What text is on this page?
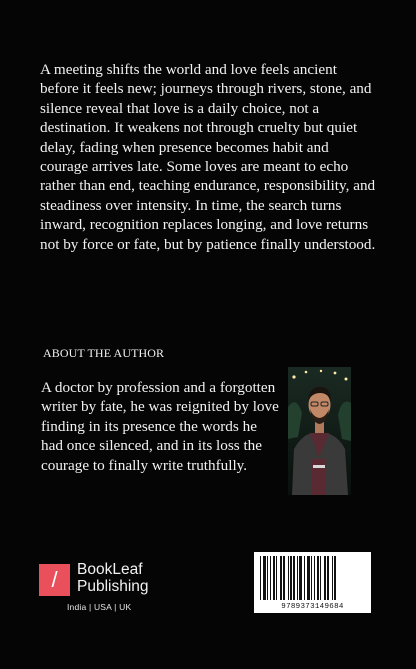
A meeting shifts the world and love feels ancient before it feels new; journeys through rivers, stone, and silence reveal that love is a daily choice, not a destination. It weakens not through cruelty but quiet delay, fading when presence becomes habit and courage arrives late. Some loves are meant to echo rather than end, teaching endurance, responsibility, and steadiness over intensity. In time, the search turns inward, recognition replaces longing, and love returns not by force or fate, but by patience finally understood.

ABOUT THE AUTHOR

A doctor by profession and a forgotten writer by fate, he was reignited by love finding in its presence the words he had once silenced, and in its loss the courage to finally write truthfully.

/	BookLeaf
Publishing

India | USA | UK	9789373149684
